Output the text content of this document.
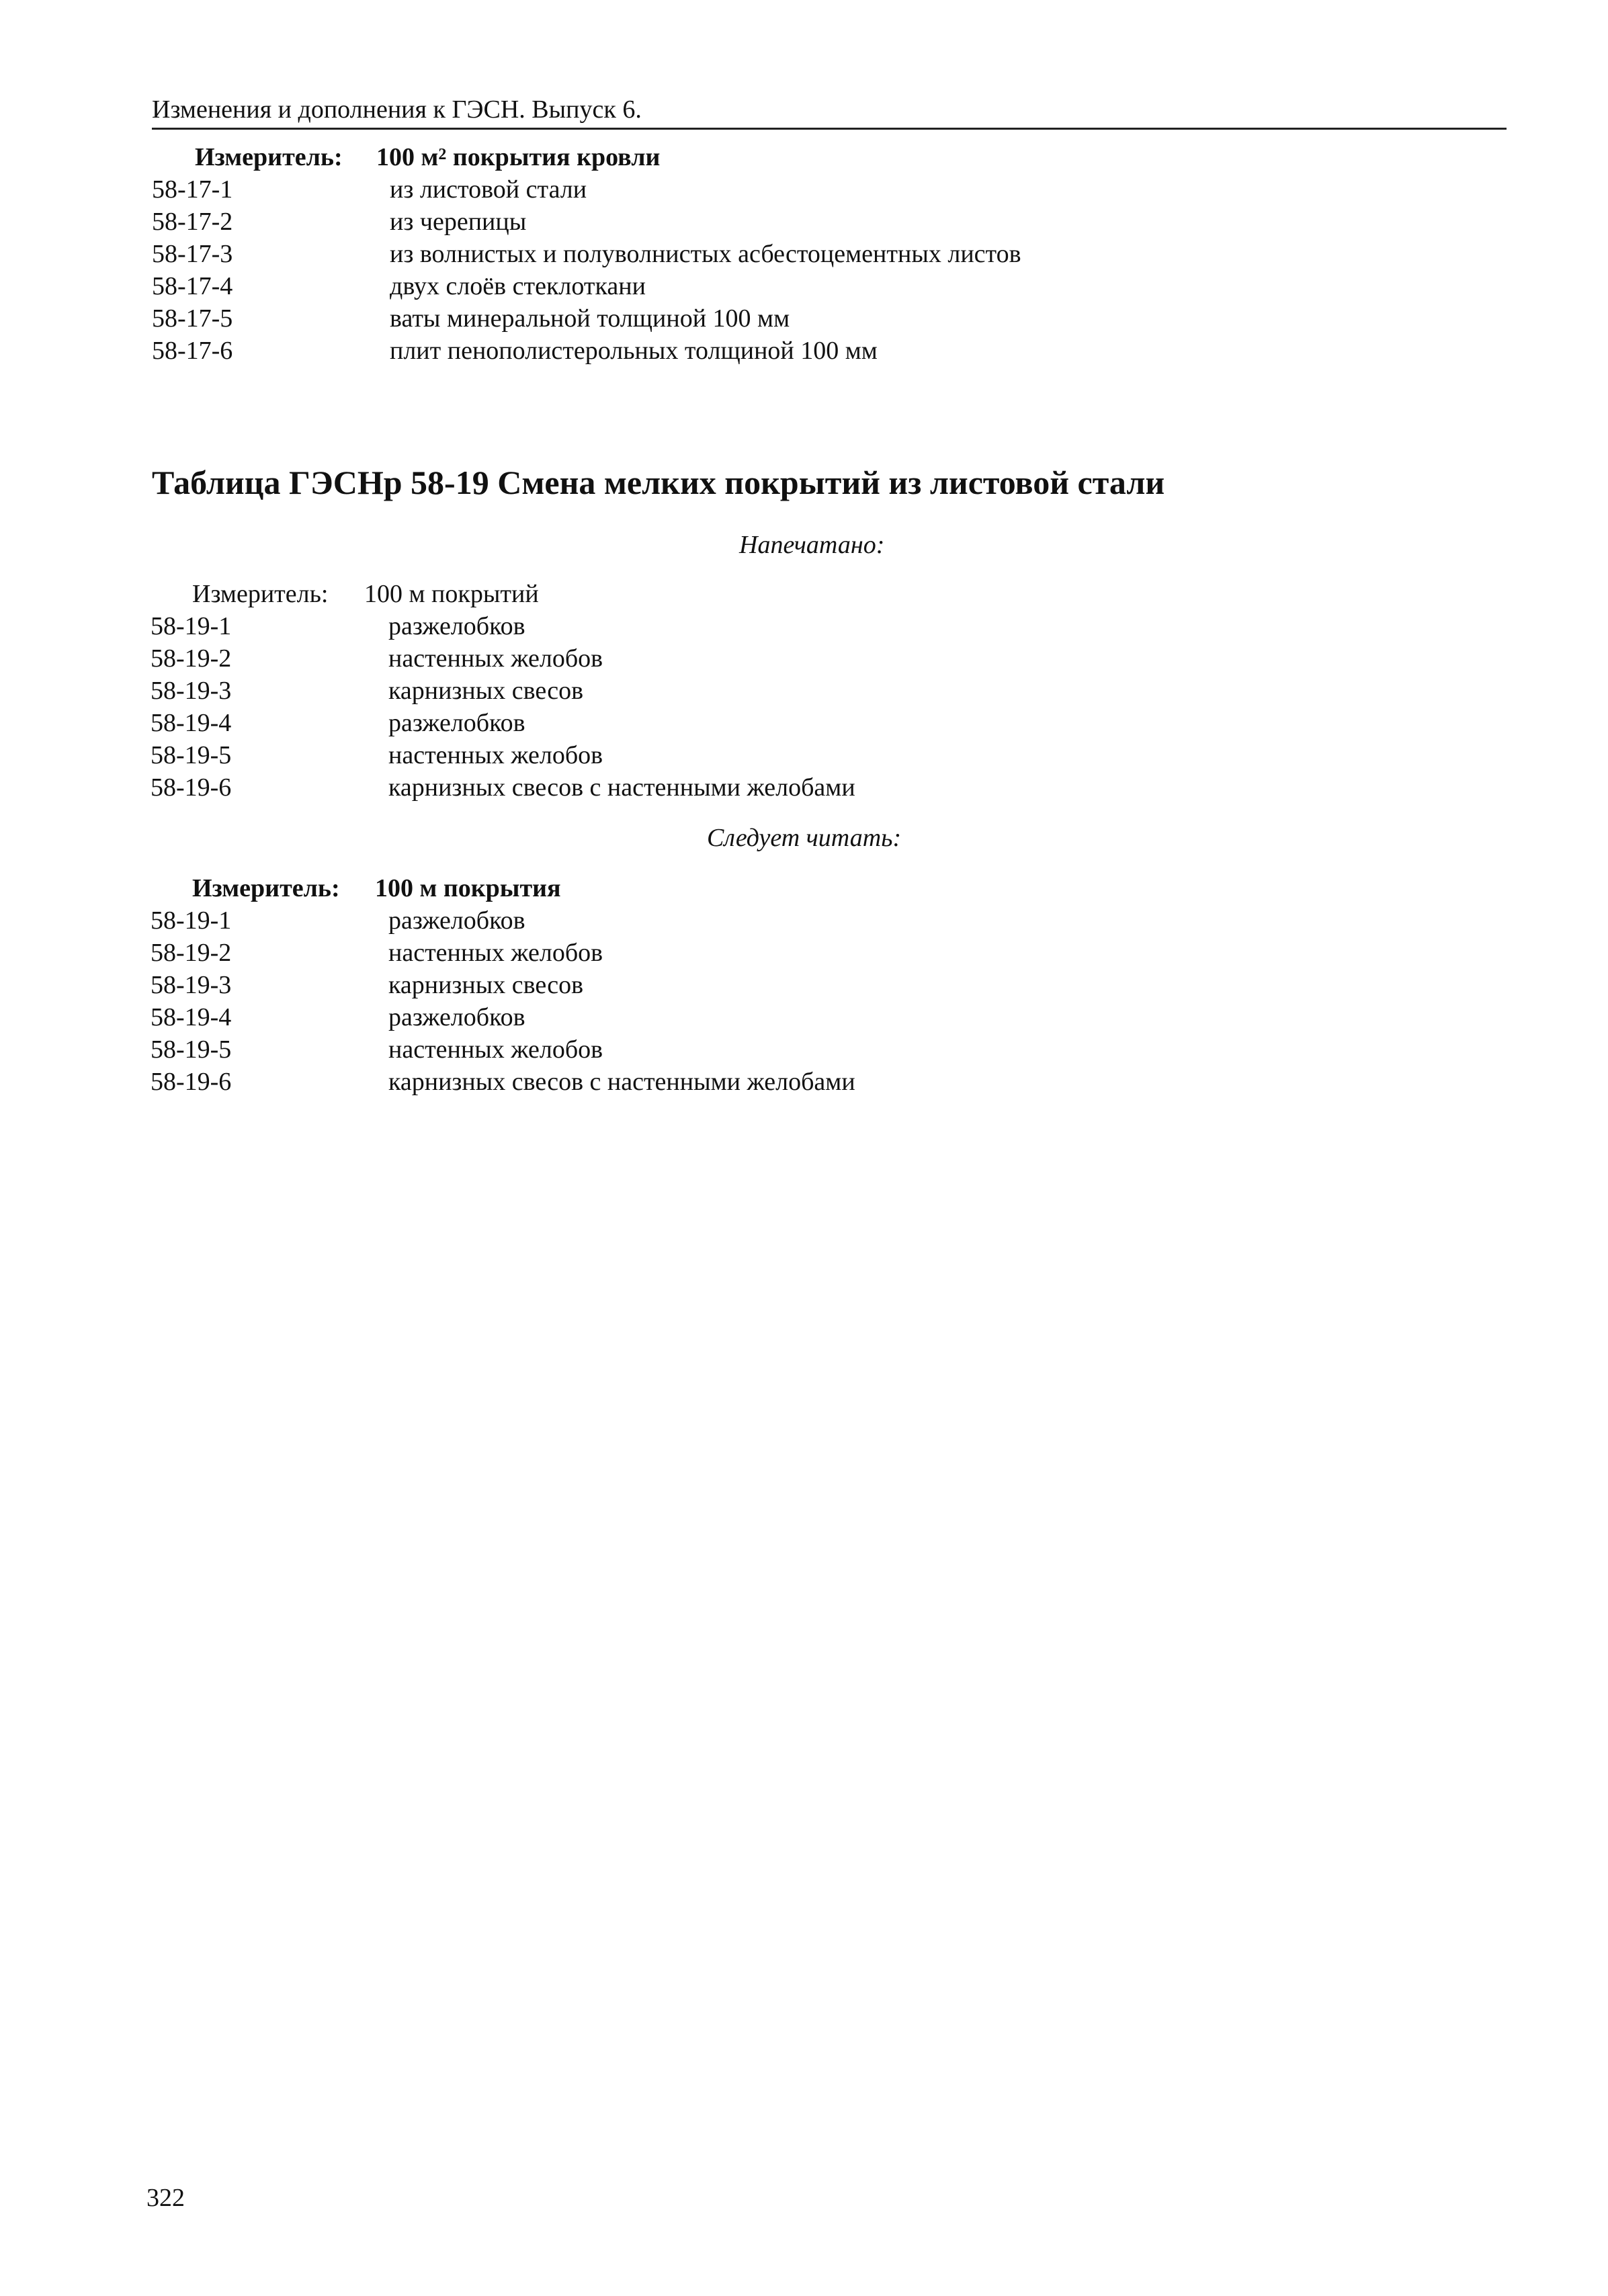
Изменения и дополнения к ГЭСН. Выпуск 6.
Измеритель: 100 $м^2$ покрытия кровли
58-17-1	из листовой стали
58-17-2	из черепицы
58-17-3	из волнистых и полуволнистых асбестоцементных листов
58-17-4	двух слоёв стеклоткани
58-17-5	ваты минеральной толщиной 100 мм
58-17-6	плит пенополистерольных толщиной 100 мм
Таблица ГЭСНр 58-19 Смена мелких покрытий из листовой стали
Напечатано:
Измеритель: 100 м покрытий
58-19-1	разжелобков
58-19-2	настенных желобов
58-19-3	карнизных свесов
58-19-4	разжелобков
58-19-5	настенных желобов
58-19-6	карнизных свесов с настенными желобами
Следует читать:
Измеритель: 100 м покрытия
58-19-1	разжелобков
58-19-2	настенных желобов
58-19-3	карнизных свесов
58-19-4	разжелобков
58-19-5	настенных желобов
58-19-6	карнизных свесов с настенными желобами
322
